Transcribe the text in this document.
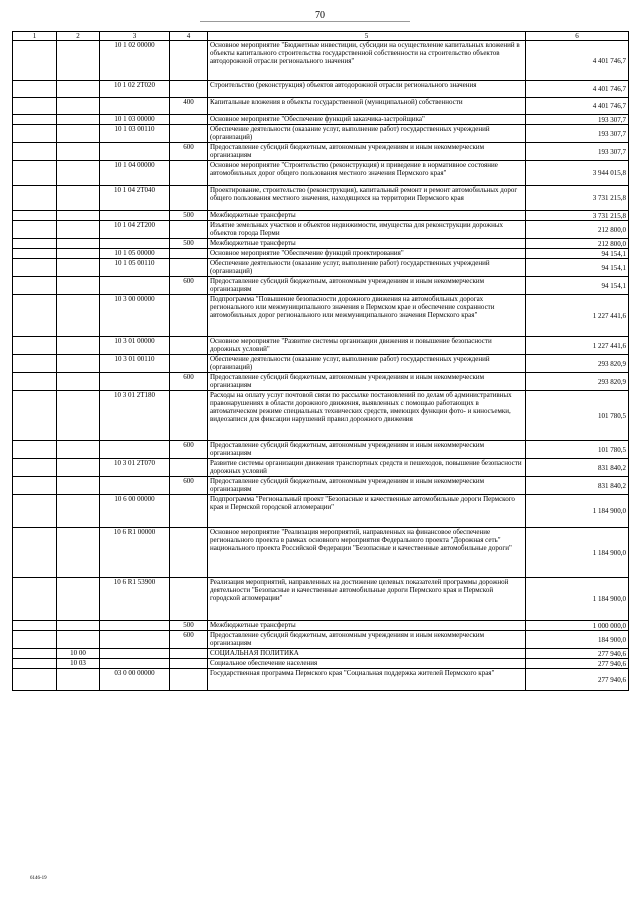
70
1	2	3	4	5	6
		10 1 02 00000		Основное мероприятие "Бюджетные инвестиции, субсидии на осуществление капитальных вложений в объекты капитального строительства государственной собственности на строительство объектов автодорожной отрасли регионального значения"	4 401 746,7
		10 1 02 2Т020		Строительство (реконструкция) объектов автодорожной отрасли регионального значения	4 401 746,7
			400	Капитальные вложения в объекты государственной (муниципальной) собственности	4 401 746,7
		10 1 03 00000		Основное мероприятие "Обеспечение функций заказчика-застройщика"	193 307,7
		10 1 03 00110		Обеспечение деятельности (оказание услуг, выполнение работ) государственных учреждений (организаций)	193 307,7
			600	Предоставление субсидий бюджетным, автономным учреждениям и иным некоммерческим организациям	193 307,7
		10 1 04 00000		Основное мероприятие "Строительство (реконструкция) и приведение в нормативное состояние автомобильных дорог общего пользования местного значения Пермского края"	3 944 015,8
		10 1 04 2Т040		Проектирование, строительство (реконструкция), капитальный ремонт и ремонт автомобильных дорог общего пользования местного значения, находящихся на территории Пермского края	3 731 215,8
			500	Межбюджетные трансферты	3 731 215,8
		10 1 04 2Т200		Изъятие земельных участков и объектов недвижимости, имущества для реконструкции дорожных объектов города Перми	212 800,0
			500	Межбюджетные трансферты	212 800,0
		10 1 05 00000		Основное мероприятие "Обеспечение функций проектирования"	94 154,1
		10 1 05 00110		Обеспечение деятельности (оказание услуг, выполнение работ) государственных учреждений (организаций)	94 154,1
			600	Предоставление субсидий бюджетным, автономным учреждениям и иным некоммерческим организациям	94 154,1
		10 3 00 00000		Подпрограмма "Повышение безопасности дорожного движения на автомобильных дорогах регионального или межмуниципального значения в Пермском крае и обеспечение сохранности автомобильных дорог регионального или межмуниципального значения Пермского края"	1 227 441,6
		10 3 01 00000		Основное мероприятие "Развитие системы организации движения и повышение безопасности дорожных условий"	1 227 441,6
		10 3 01 00110		Обеспечение деятельности (оказание услуг, выполнение работ) государственных учреждений (организаций)	293 820,9
			600	Предоставление субсидий бюджетным, автономным учреждениям и иным некоммерческим организациям	293 820,9
		10 3 01 2Т180		Расходы на оплату услуг почтовой связи по рассылке постановлений по делам об административных правонарушениях в области дорожного движения, выявленных с помощью работающих в автоматическом режиме специальных технических средств, имеющих функции фото- и киносъемки, видеозаписи для фиксации нарушений правил дорожного движения	101 780,5
			600	Предоставление субсидий бюджетным, автономным учреждениям и иным некоммерческим организациям	101 780,5
		10 3 01 2Т070		Развитие системы организации движения транспортных средств и пешеходов, повышение безопасности дорожных условий	831 840,2
			600	Предоставление субсидий бюджетным, автономным учреждениям и иным некоммерческим организациям	831 840,2
		10 6 00 00000		Подпрограмма "Региональный проект "Безопасные и качественные автомобильные дороги Пермского края и Пермской городской агломерации"	1 184 900,0
		10 6 R1 00000		Основное мероприятие "Реализация мероприятий, направленных на финансовое обеспечение регионального проекта в рамках основного мероприятия Федерального проекта "Дорожная сеть" национального проекта Российской Федерации "Безопасные и качественные автомобильные дороги"	1 184 900,0
		10 6 R1 53900		Реализация мероприятий, направленных на достижение целевых показателей программы дорожной деятельности "Безопасные и качественные автомобильные дороги Пермского края и Пермской городской агломерации"	1 184 900,0
			500	Межбюджетные трансферты	1 000 000,0
			600	Предоставление субсидий бюджетным, автономным учреждениям и иным некоммерческим организациям	184 900,0
	10 00			СОЦИАЛЬНАЯ ПОЛИТИКА	277 940,6
	10 03			Социальное обеспечение населения	277 940,6
		03 0 00 00000		Государственная программа Пермского края "Социальная поддержка жителей Пермского края"	277 940,6
6146-19
